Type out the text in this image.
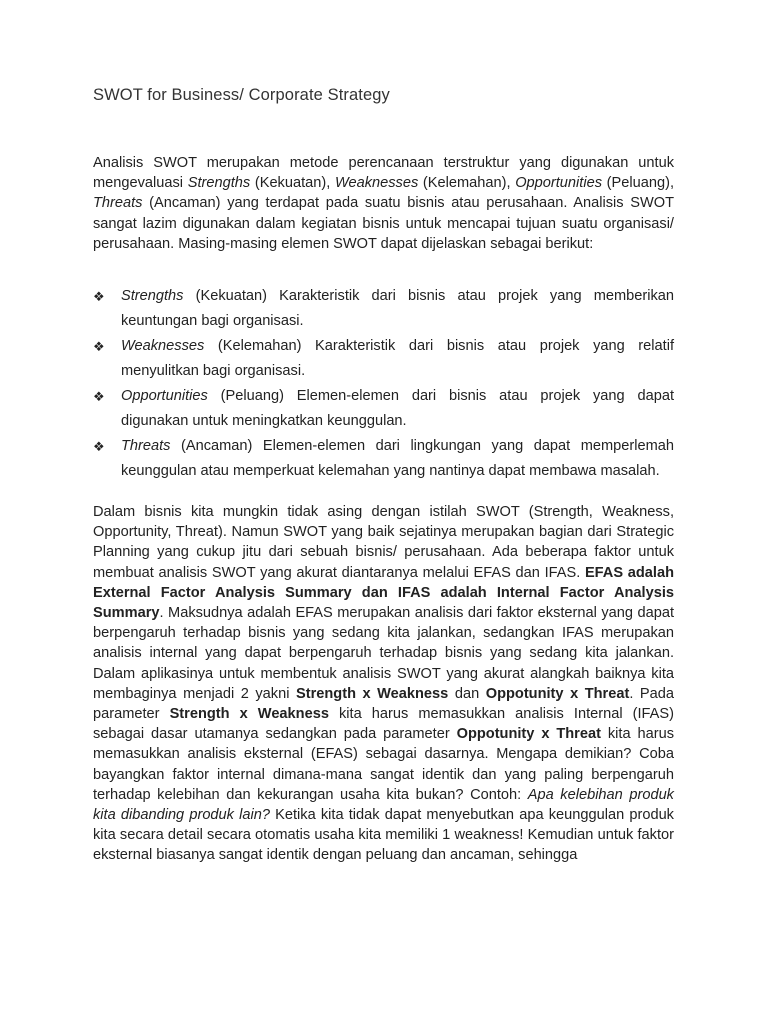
SWOT for Business/ Corporate Strategy

Analisis SWOT merupakan metode perencanaan terstruktur yang digunakan untuk mengevaluasi Strengths (Kekuatan), Weaknesses (Kelemahan), Opportunities (Peluang), Threats (Ancaman) yang terdapat pada suatu bisnis atau perusahaan. Analisis SWOT sangat lazim digunakan dalam kegiatan bisnis untuk mencapai tujuan suatu organisasi/ perusahaan. Masing-masing elemen SWOT dapat dijelaskan sebagai berikut:

❖	Strengths (Kekuatan) Karakteristik dari bisnis atau projek yang memberikan keuntungan bagi organisasi.
❖	Weaknesses (Kelemahan) Karakteristik dari bisnis atau projek yang relatif menyulitkan bagi organisasi.
❖	Opportunities (Peluang) Elemen-elemen dari bisnis atau projek yang dapat digunakan untuk meningkatkan keunggulan.
❖	Threats (Ancaman) Elemen-elemen dari lingkungan yang dapat memperlemah keunggulan atau memperkuat kelemahan yang nantinya dapat membawa masalah.

Dalam bisnis kita mungkin tidak asing dengan istilah SWOT (Strength, Weakness, Opportunity, Threat). Namun SWOT yang baik sejatinya merupakan bagian dari Strategic Planning yang cukup jitu dari sebuah bisnis/ perusahaan. Ada beberapa faktor untuk membuat analisis SWOT yang akurat diantaranya melalui EFAS dan IFAS. EFAS adalah External Factor Analysis Summary dan IFAS adalah Internal Factor Analysis Summary. Maksudnya adalah EFAS merupakan analisis dari faktor eksternal yang dapat berpengaruh terhadap bisnis yang sedang kita jalankan, sedangkan IFAS merupakan analisis internal yang dapat berpengaruh terhadap bisnis yang sedang kita jalankan. Dalam aplikasinya untuk membentuk analisis SWOT yang akurat alangkah baiknya kita membaginya menjadi 2 yakni Strength x Weakness dan Oppotunity x Threat. Pada parameter Strength x Weakness kita harus memasukkan analisis Internal (IFAS) sebagai dasar utamanya sedangkan pada parameter Oppotunity x Threat kita harus memasukkan analisis eksternal (EFAS) sebagai dasarnya. Mengapa demikian? Coba bayangkan faktor internal dimana-mana sangat identik dan yang paling berpengaruh terhadap kelebihan dan kekurangan usaha kita bukan? Contoh: Apa kelebihan produk kita dibanding produk lain? Ketika kita tidak dapat menyebutkan apa keunggulan produk kita secara detail secara otomatis usaha kita memiliki 1 weakness! Kemudian untuk faktor eksternal biasanya sangat identik dengan peluang dan ancaman, sehingga
